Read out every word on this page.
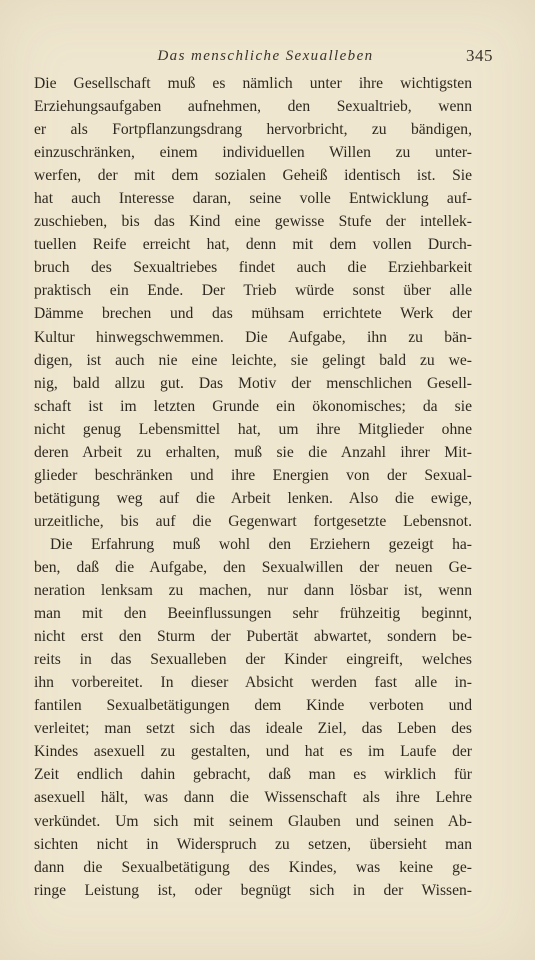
Das menschliche Sexualleben	345
Die Gesellschaft muß es nämlich unter ihre wichtigsten
Erziehungsaufgaben aufnehmen, den Sexualtrieb, wenn
er als Fortpflanzungsdrang hervorbricht, zu bändigen,
einzuschränken, einem individuellen Willen zu unter-
werfen, der mit dem sozialen Geheiß identisch ist. Sie
hat auch Interesse daran, seine volle Entwicklung auf-
zuschieben, bis das Kind eine gewisse Stufe der intellek-
tuellen Reife erreicht hat, denn mit dem vollen Durch-
bruch des Sexualtriebes findet auch die Erziehbarkeit
praktisch ein Ende. Der Trieb würde sonst über alle
Dämme brechen und das mühsam errichtete Werk der
Kultur hinwegschwemmen. Die Aufgabe, ihn zu bän-
digen, ist auch nie eine leichte, sie gelingt bald zu we-
nig, bald allzu gut. Das Motiv der menschlichen Gesell-
schaft ist im letzten Grunde ein ökonomisches; da sie
nicht genug Lebensmittel hat, um ihre Mitglieder ohne
deren Arbeit zu erhalten, muß sie die Anzahl ihrer Mit-
glieder beschränken und ihre Energien von der Sexual-
betätigung weg auf die Arbeit lenken. Also die ewige,
urzeitliche, bis auf die Gegenwart fortgesetzte Lebensnot.
Die Erfahrung muß wohl den Erziehern gezeigt ha-
ben, daß die Aufgabe, den Sexualwillen der neuen Ge-
neration lenksam zu machen, nur dann lösbar ist, wenn
man mit den Beeinflussungen sehr frühzeitig beginnt,
nicht erst den Sturm der Pubertät abwartet, sondern be-
reits in das Sexualleben der Kinder eingreift, welches
ihn vorbereitet. In dieser Absicht werden fast alle in-
fantilen Sexualbetätigungen dem Kinde verboten und
verleitet; man setzt sich das ideale Ziel, das Leben des
Kindes asexuell zu gestalten, und hat es im Laufe der
Zeit endlich dahin gebracht, daß man es wirklich für
asexuell hält, was dann die Wissenschaft als ihre Lehre
verkündet. Um sich mit seinem Glauben und seinen Ab-
sichten nicht in Widerspruch zu setzen, übersieht man
dann die Sexualbetätigung des Kindes, was keine ge-
ringe Leistung ist, oder begnügt sich in der Wissen-
